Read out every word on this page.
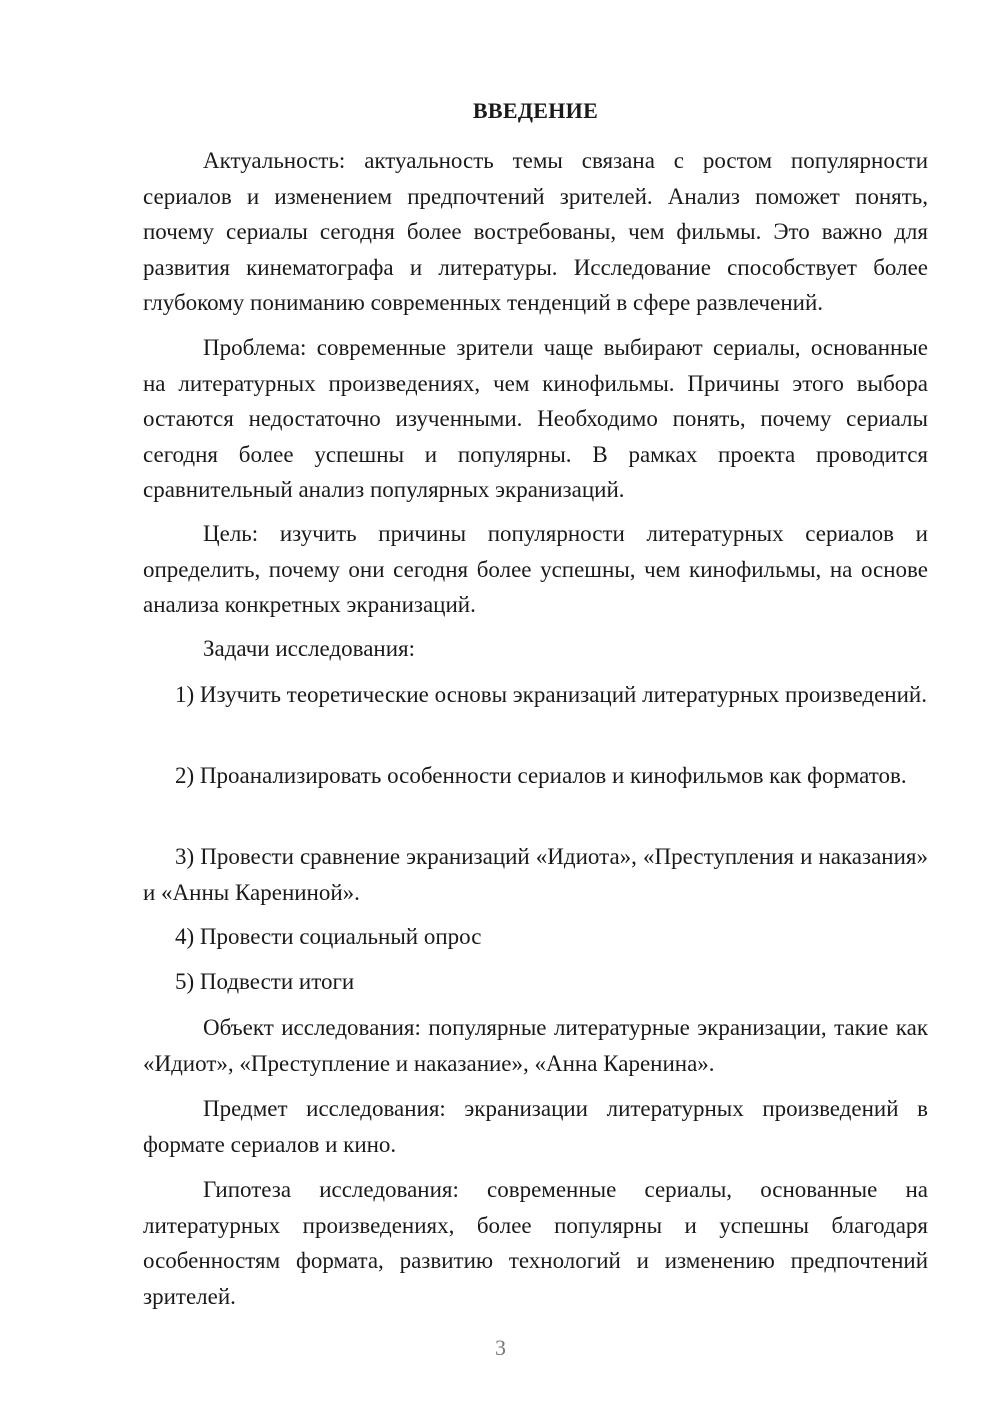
ВВЕДЕНИЕ

Актуальность: актуальность темы связана с ростом популярности сериалов и изменением предпочтений зрителей. Анализ поможет понять, почему сериалы сегодня более востребованы, чем фильмы. Это важно для развития кинематографа и литературы. Исследование способствует более глубокому пониманию современных тенденций в сфере развлечений.

Проблема: современные зрители чаще выбирают сериалы, основанные на литературных произведениях, чем кинофильмы. Причины этого выбора остаются недостаточно изученными. Необходимо понять, почему сериалы сегодня более успешны и популярны. В рамках проекта проводится сравнительный анализ популярных экранизаций.

Цель: изучить причины популярности литературных сериалов и определить, почему они сегодня более успешны, чем кинофильмы, на основе анализа конкретных экранизаций.

Задачи исследования:

1) Изучить теоретические основы экранизаций литературных произведений.

2) Проанализировать особенности сериалов и кинофильмов как форматов.

3) Провести сравнение экранизаций «Идиота», «Преступления и наказания» и «Анны Карениной».

4) Провести социальный опрос

5) Подвести итоги

Объект исследования: популярные литературные экранизации, такие как «Идиот», «Преступление и наказание», «Анна Каренина».

Предмет исследования: экранизации литературных произведений в формате сериалов и кино.

Гипотеза исследования: современные сериалы, основанные на литературных произведениях, более популярны и успешны благодаря особенностям формата, развитию технологий и изменению предпочтений зрителей.

3
